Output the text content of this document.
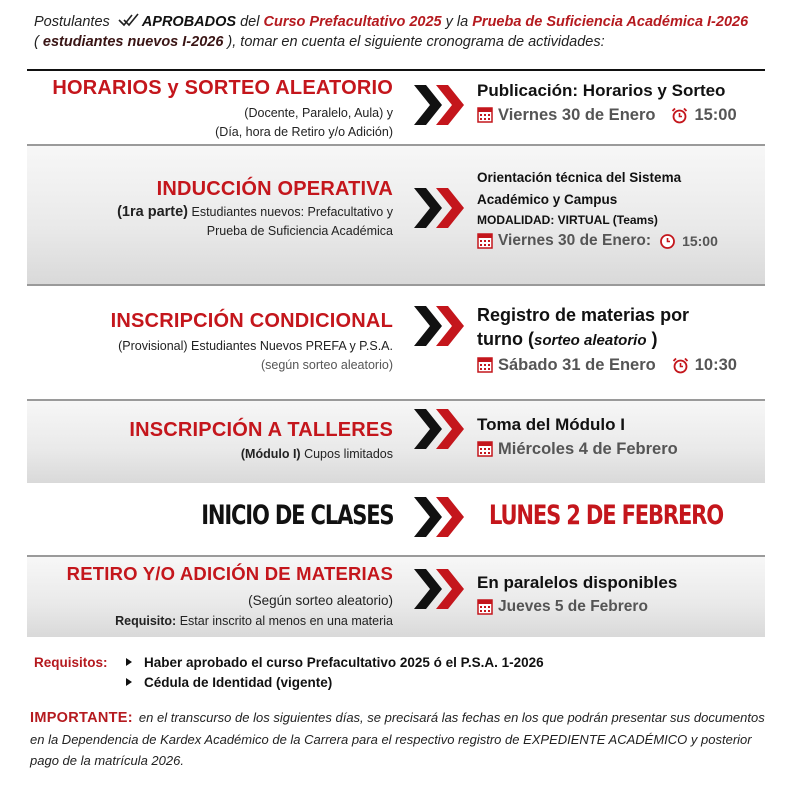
Postulantes APROBADOS del Curso Prefacultativo 2025 y la Prueba de Suficiencia Académica I-2026
( estudiantes nuevos I-2026 ), tomar en cuenta el siguiente cronograma de actividades:
HORARIOS y SORTEO ALEATORIO
(Docente, Paralelo, Aula) y
(Día, hora de Retiro y/o Adición)
Publicación: Horarios y Sorteo
Viernes 30 de Enero 15:00
INDUCCIÓN OPERATIVA
(1ra parte) Estudiantes nuevos: Prefacultativo y
Prueba de Suficiencia Académica
Orientación técnica del Sistema
Académico y Campus
MODALIDAD: VIRTUAL (Teams)
Viernes 30 de Enero: 15:00
INSCRIPCIÓN CONDICIONAL
(Provisional) Estudiantes Nuevos PREFA y P.S.A.
(según sorteo aleatorio)
Registro de materias por
turno (sorteo aleatorio )
Sábado 31 de Enero 10:30
INSCRIPCIÓN A TALLERES
(Módulo I) Cupos limitados
Toma del Módulo I
Miércoles 4 de Febrero
INICIO DE CLASES	LUNES 2 DE FEBRERO
RETIRO Y/O ADICIÓN DE MATERIAS
(Según sorteo aleatorio)
Requisito: Estar inscrito al menos en una materia
En paralelos disponibles
Jueves 5 de Febrero
Requisitos:	Haber aprobado el curso Prefacultativo 2025 ó el P.S.A. 1-2026
Cédula de Identidad (vigente)
IMPORTANTE: en el transcurso de los siguientes días, se precisará las fechas en los que podrán presentar sus documentos en la Dependencia de Kardex Académico de la Carrera para el respectivo registro de EXPEDIENTE ACADÉMICO y posterior pago de la matrícula 2026.
